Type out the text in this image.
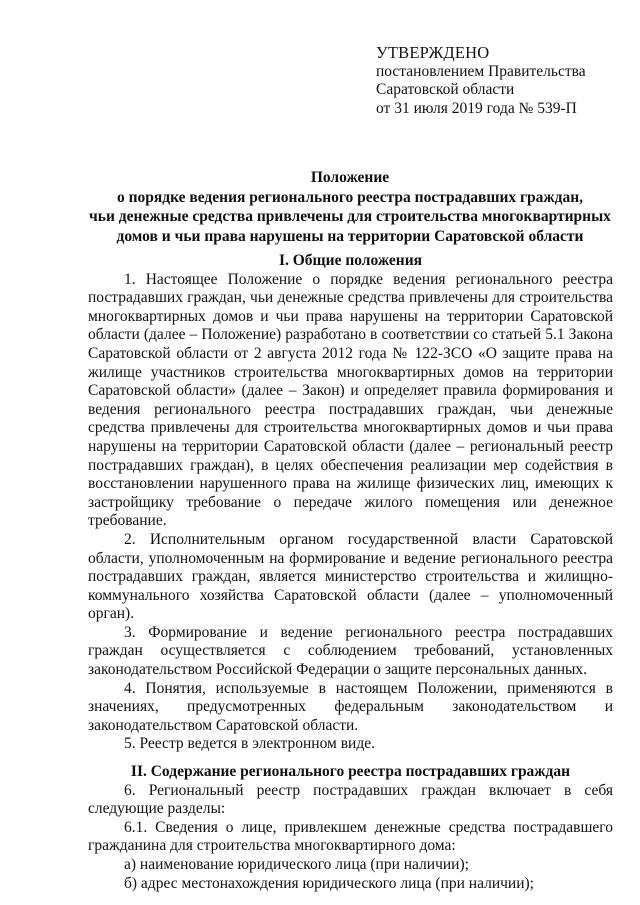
УТВЕРЖДЕНО
постановлением Правительства
Саратовской области
от 31 июля 2019 года № 539-П
Положение
о порядке ведения регионального реестра пострадавших граждан,
чьи денежные средства привлечены для строительства многоквартирных
домов и чьи права нарушены на территории Саратовской области
I. Общие положения

1. Настоящее Положение о порядке ведения регионального реестра пострадавших граждан, чьи денежные средства привлечены для строительства многоквартирных домов и чьи права нарушены на территории Саратовской области (далее – Положение) разработано в соответствии со статьей 5.1 Закона Саратовской области от 2 августа 2012 года № 122-ЗСО «О защите права на жилище участников строительства многоквартирных домов на территории Саратовской области» (далее – Закон) и определяет правила формирования и ведения регионального реестра пострадавших граждан, чьи денежные средства привлечены для строительства многоквартирных домов и чьи права нарушены на территории Саратовской области (далее – региональный реестр пострадавших граждан), в целях обеспечения реализации мер содействия в восстановлении нарушенного права на жилище физических лиц, имеющих к застройщику требование о передаче жилого помещения или денежное требование.

2. Исполнительным органом государственной власти Саратовской области, уполномоченным на формирование и ведение регионального реестра пострадавших граждан, является министерство строительства и жилищно-коммунального хозяйства Саратовской области (далее – уполномоченный орган).

3. Формирование и ведение регионального реестра пострадавших граждан осуществляется с соблюдением требований, установленных законодательством Российской Федерации о защите персональных данных.

4. Понятия, используемые в настоящем Положении, применяются в значениях, предусмотренных федеральным законодательством и законодательством Саратовской области.

5. Реестр ведется в электронном виде.

II. Содержание регионального реестра пострадавших граждан

6. Региональный реестр пострадавших граждан включает в себя следующие разделы:

6.1. Сведения о лице, привлекшем денежные средства пострадавшего гражданина для строительства многоквартирного дома:

а) наименование юридического лица (при наличии);

б) адрес местонахождения юридического лица (при наличии);
